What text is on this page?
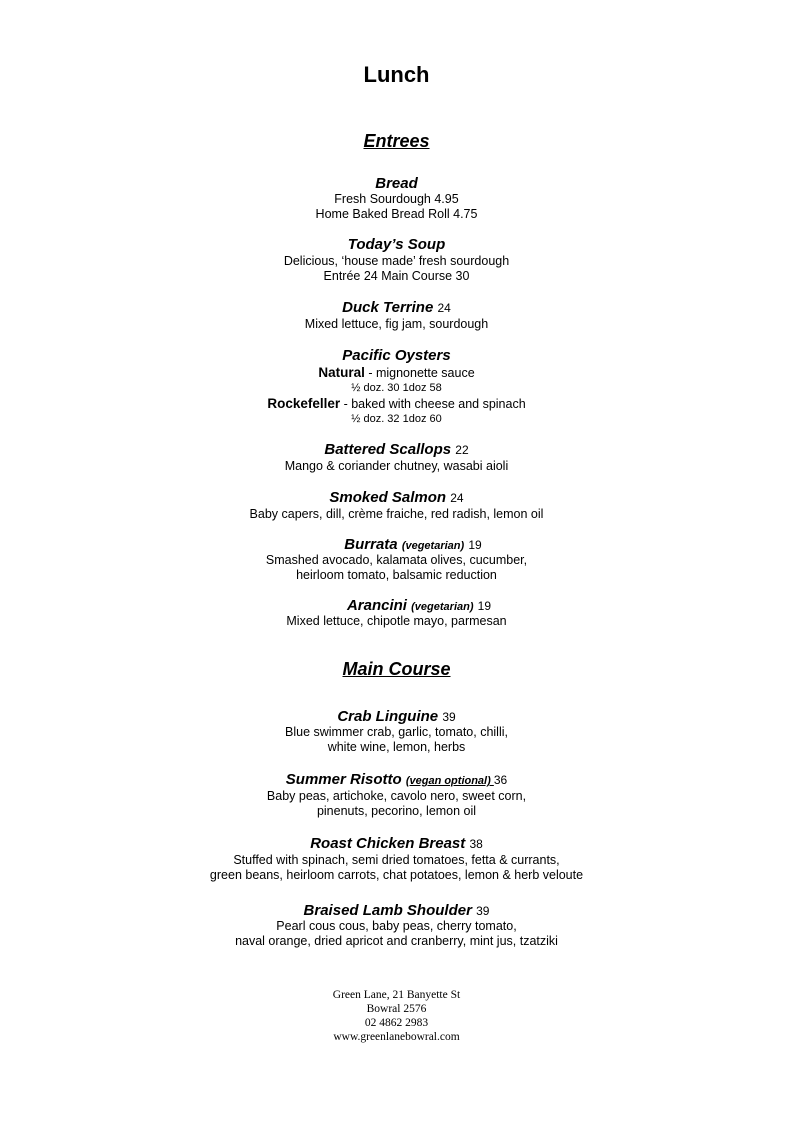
Lunch
Entrees
Bread
Fresh Sourdough 4.95
Home Baked Bread Roll 4.75
Today’s Soup
Delicious, ‘house made’ fresh sourdough
Entrée 24 Main Course 30
Duck Terrine 24
Mixed lettuce, fig jam, sourdough
Pacific Oysters
Natural - mignonette sauce
½ doz. 30 1doz 58
Rockefeller - baked with cheese and spinach
½ doz. 32 1doz 60
Battered Scallops 22
Mango & coriander chutney, wasabi aioli
Smoked Salmon 24
Baby capers, dill, crème fraiche, red radish, lemon oil
Burrata (vegetarian) 19
Smashed avocado, kalamata olives, cucumber,
heirloom tomato, balsamic reduction
Arancini (vegetarian) 19
Mixed lettuce, chipotle mayo, parmesan
Main Course
Crab Linguine 39
Blue swimmer crab, garlic, tomato, chilli,
white wine, lemon, herbs
Summer Risotto (vegan optional) 36
Baby peas, artichoke, cavolo nero, sweet corn,
pinenuts, pecorino, lemon oil
Roast Chicken Breast 38
Stuffed with spinach, semi dried tomatoes, fetta & currants,
green beans, heirloom carrots, chat potatoes, lemon & herb veloute
Braised Lamb Shoulder 39
Pearl cous cous, baby peas, cherry tomato,
naval orange, dried apricot and cranberry, mint jus, tzatziki
Green Lane, 21 Banyette St
Bowral 2576
02 4862 2983
www.greenlanebowral.com
